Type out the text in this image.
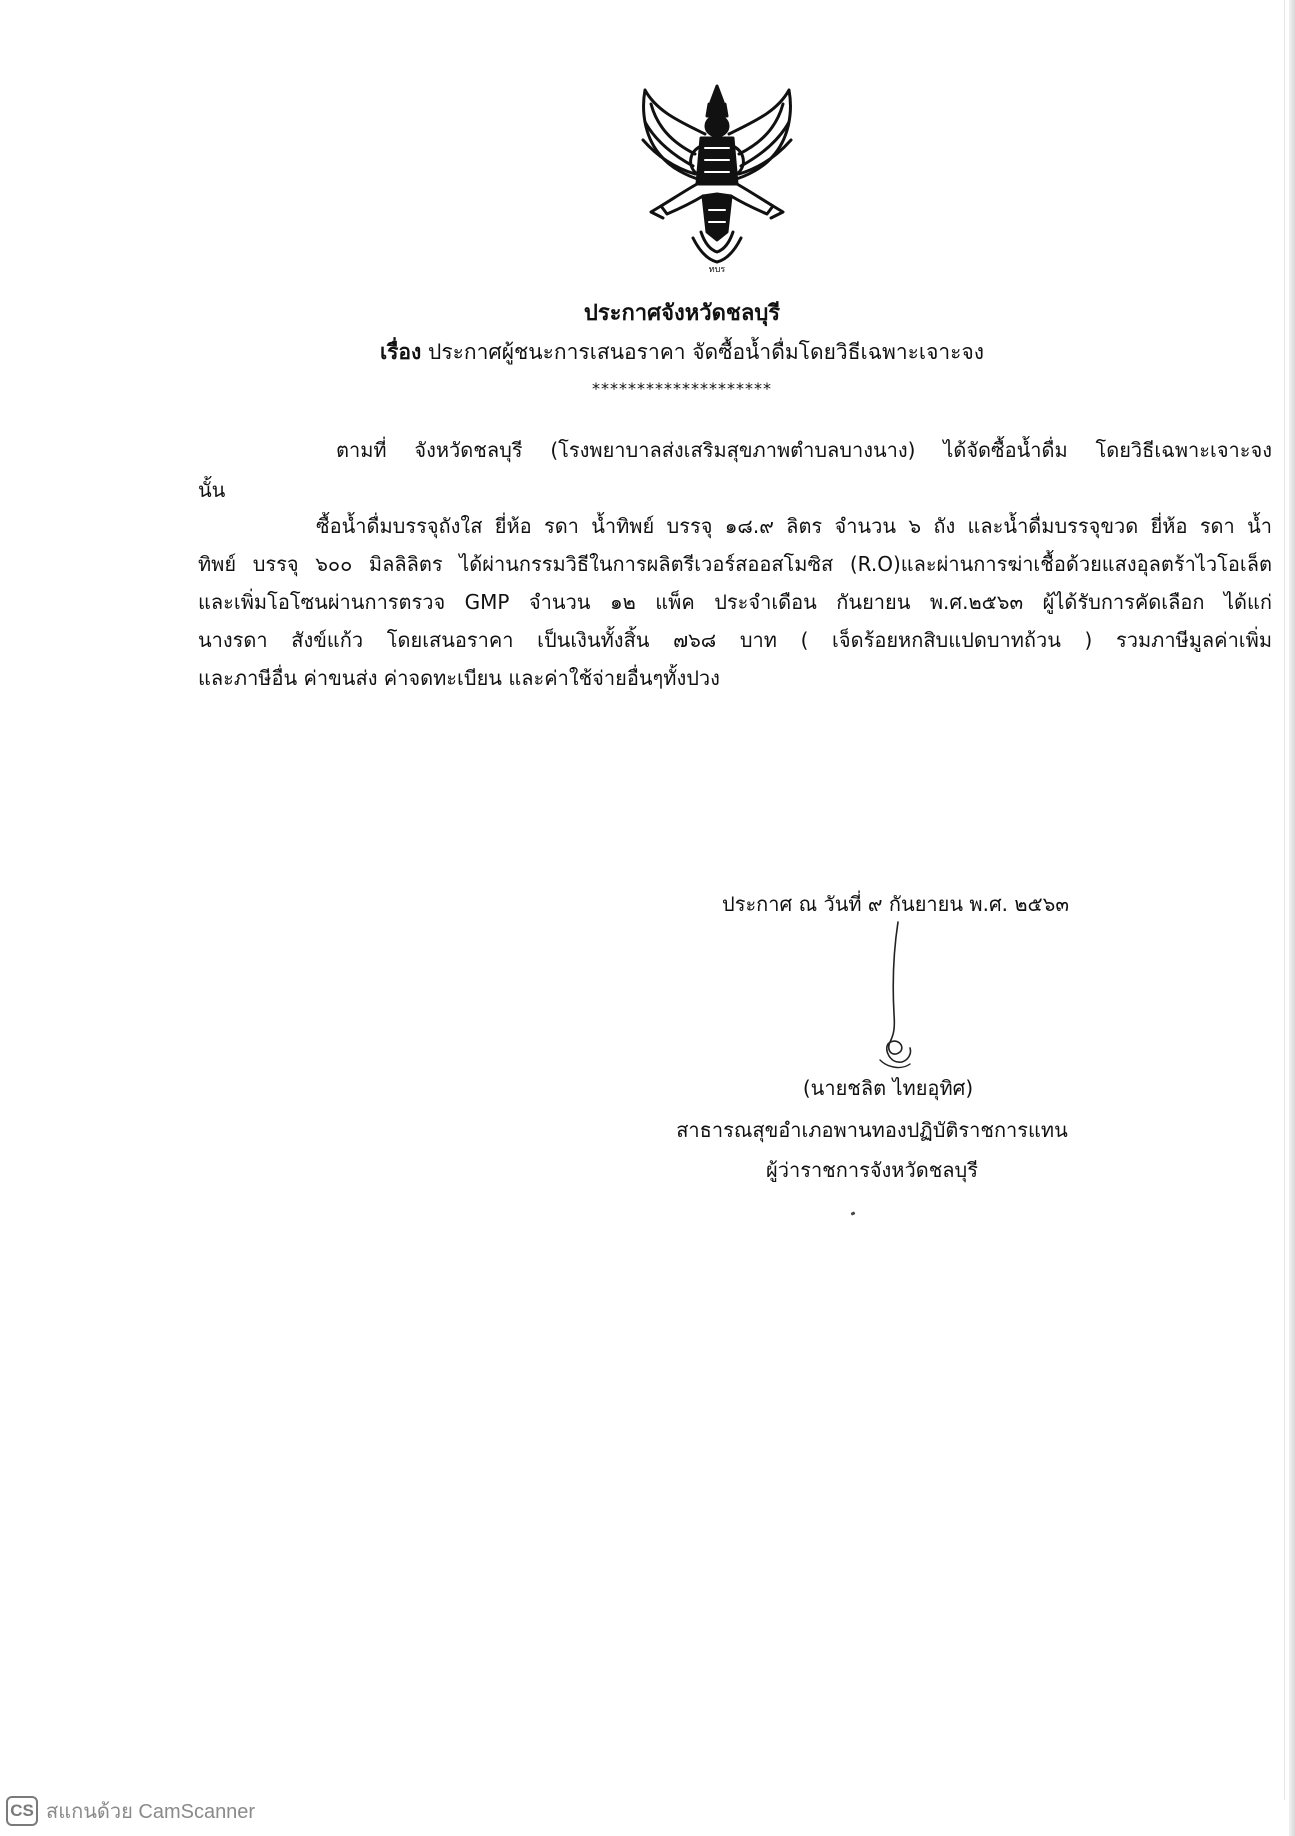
ทบร
ประกาศจังหวัดชลบุรี
เรื่อง ประกาศผู้ชนะการเสนอราคา จัดซื้อน้ำดื่มโดยวิธีเฉพาะเจาะจง
********************
ตามที่ จังหวัดชลบุรี (โรงพยาบาลส่งเสริมสุขภาพตำบลบางนาง) ได้จัดซื้อน้ำดื่ม โดยวิธีเฉพาะเจาะจง
นั้น
ซื้อน้ำดื่มบรรจุถังใส ยี่ห้อ รดา น้ำทิพย์ บรรจุ ๑๘.๙ ลิตร จำนวน ๖ ถัง และน้ำดื่มบรรจุขวด ยี่ห้อ รดา น้ำ
ทิพย์ บรรจุ ๖๐๐ มิลลิลิตร ได้ผ่านกรรมวิธีในการผลิตรีเวอร์สออสโมซิส (R.O)และผ่านการฆ่าเชื้อด้วยแสงอุลตร้าไวโอเล็ต
และเพิ่มโอโซนผ่านการตรวจ GMP จำนวน ๑๒ แพ็ค ประจำเดือน กันยายน พ.ศ.๒๕๖๓ ผู้ได้รับการคัดเลือก ได้แก่
นางรดา สังข์แก้ว โดยเสนอราคา เป็นเงินทั้งสิ้น ๗๖๘ บาท ( เจ็ดร้อยหกสิบแปดบาทถ้วน ) รวมภาษีมูลค่าเพิ่ม
และภาษีอื่น ค่าขนส่ง ค่าจดทะเบียน และค่าใช้จ่ายอื่นๆทั้งปวง
ประกาศ ณ วันที่ ๙ กันยายน พ.ศ. ๒๕๖๓
(นายชลิต ไทยอุทิศ)
สาธารณสุขอำเภอพานทองปฏิบัติราชการแทน
ผู้ว่าราชการจังหวัดชลบุรี
CS สแกนด้วย CamScanner
